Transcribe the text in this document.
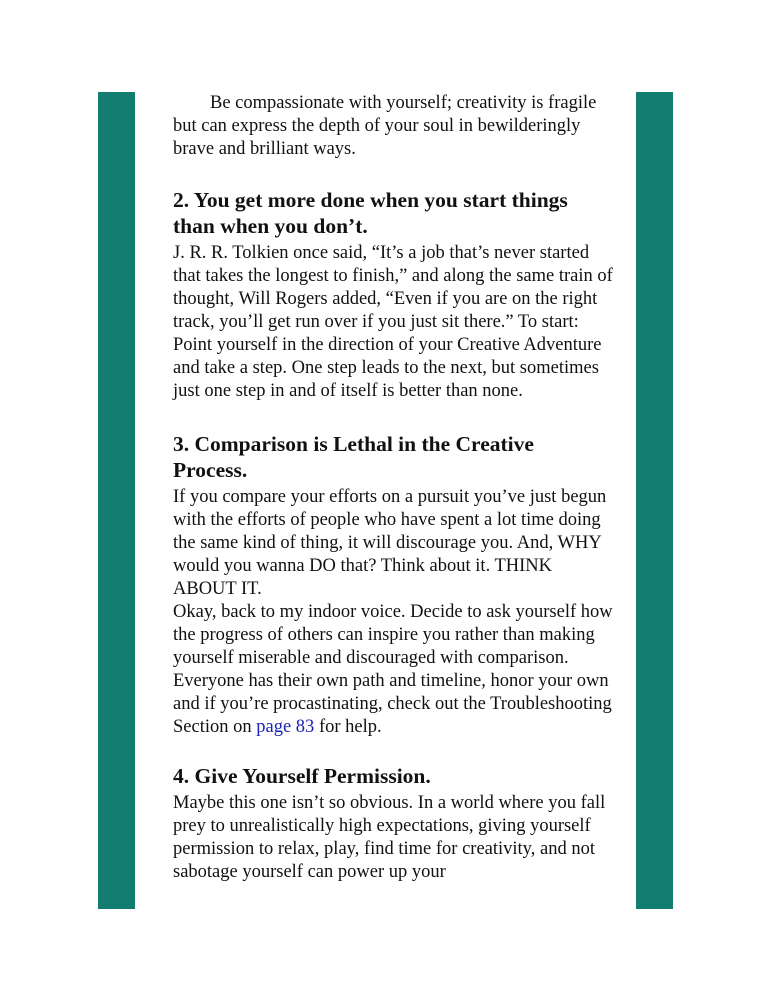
Be compassionate with yourself; creativity is fragile but can express the depth of your soul in bewilderingly brave and brilliant ways.

2. You get more done when you start things than when you don’t.

J. R. R. Tolkien once said, “It’s a job that’s never started that takes the longest to finish,” and along the same train of thought, Will Rogers added, “Even if you are on the right track, you’ll get run over if you just sit there.” To start: Point yourself in the direction of your Creative Adventure and take a step. One step leads to the next, but sometimes just one step in and of itself is better than none.

3. Comparison is Lethal in the Creative Process.

If you compare your efforts on a pursuit you’ve just begun with the efforts of people who have spent a lot time doing the same kind of thing, it will discourage you. And, WHY would you wanna DO that? Think about it. THINK ABOUT IT.

Okay, back to my indoor voice. Decide to ask yourself how the progress of others can inspire you rather than making yourself miserable and discouraged with comparison. Everyone has their own path and timeline, honor your own and if you’re procastinating, check out the Troubleshooting Section on page 83 for help.

4. Give Yourself Permission.

Maybe this one isn’t so obvious. In a world where you fall prey to unrealistically high expectations, giving yourself permission to relax, play, find time for creativity, and not sabotage yourself can power up your
